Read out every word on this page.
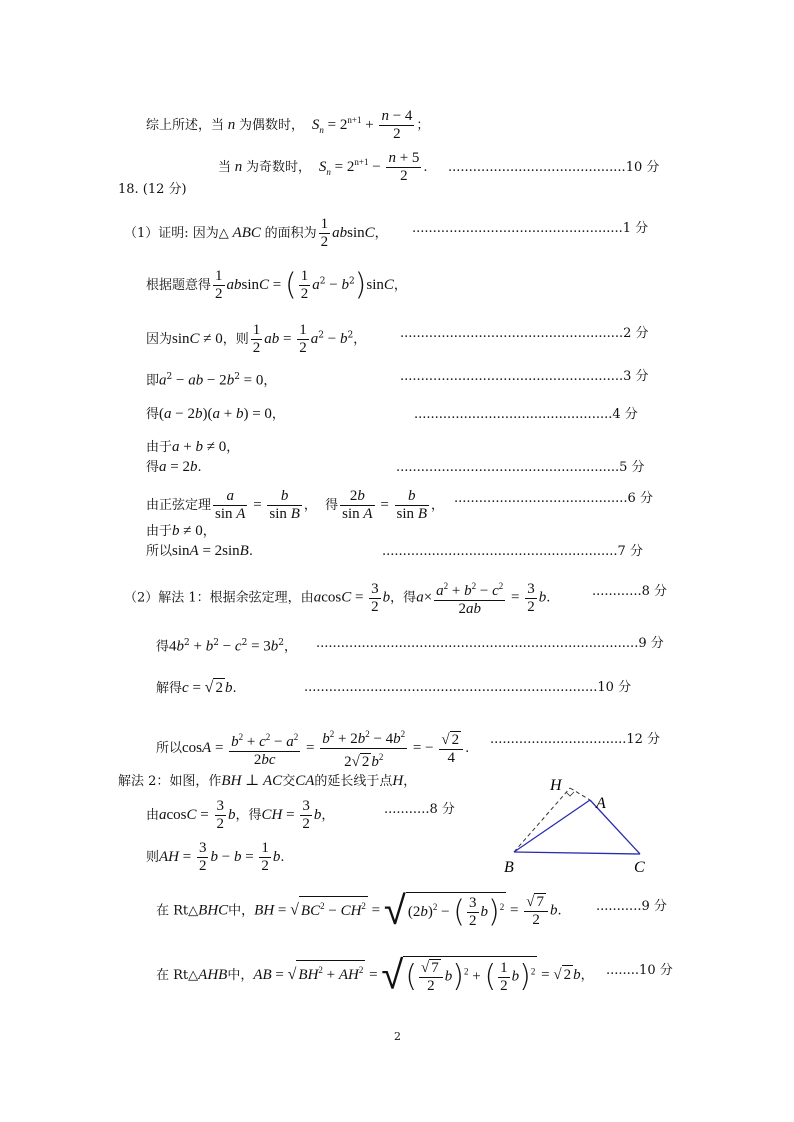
综上所述，当 n 为偶数时，  $S_n = 2^{n+1} + \frac{n - 4}{2}$ ；
当 n 为奇数时，  $S_n = 2^{n+1} - \frac{n + 5}{2}$ . ...........................................10 分
18. (12 分)
（1）证明: 因为△ ABC 的面积为 $\frac{1}{2}$ absinC， ...................................................1 分
根据题意得 $\frac{1}{2}$ absinC = ( $\frac{1}{2} a^2 - b^2)\sin C$，
因为sinC ≠ 0，则 $\frac{1}{2}$ ab = $\frac{1}{2} a^2 - b^2$，	......................................................2 分
即$a^2$ − ab − $2b^2 = 0$，	......................................................3 分
得(a − 2b)(a + b) = 0，	................................................4 分
由于a + b ≠ 0，
得a = 2b.	......................................................5 分
由正弦定理 $\frac{a}{\text{sin A}} = \frac{b}{\text{sin B}}$ ，  得 $\frac{2b}{\text{sin A}} = \frac{b}{\text{sin B}}$ ， ..........................................6 分
由于b ≠ 0，
所以sinA = 2sinB.	.........................................................7 分
（2）解法 1：根据余弦定理，由$acosC = \frac{3}{2}$ b，得$a\times \frac{a^2 + b^2 - c^2}{2ab} = \frac{3}{2} b$.	............8 分
得$4b^2 + b^2 - c^2 = 3b^2$， ..............................................................................9 分
解得c = √ 2 b.	.......................................................................10 分
所以$\cos A = \frac{b^2 + c^2 - a^2}{2bc} = \frac{b^2 + 2b^2 - 4b^2}{2√ 2 b^2}$ = − $\frac{√ 2}{4}$ .
.................................12 分
解法 2：如图，作BH ⊥ AC交CA的延长线于点H，
由$acosC = \frac{3}{2}$ b，得CH = $\frac{3}{2}$ b，	...........8 分
则AH = $\frac{3}{2}$ $b - b = \frac{1}{2} b$.
H
A
B	C
在 Rt△BHC中，BH = √ $BC^2 - CH^2$ = √ $(2b)^2$ − ( $\frac{3}{2} b)^2 = \frac{√ 7}{2} b$.	...........9 分
在 Rt△AHB中，AB = √ $BH^2 + AH^2$ = √( $\frac{√ 7}{2} b)^2$ + ( $\frac{1}{2} b)^2$ = √ 2 b， ........10 分
2
